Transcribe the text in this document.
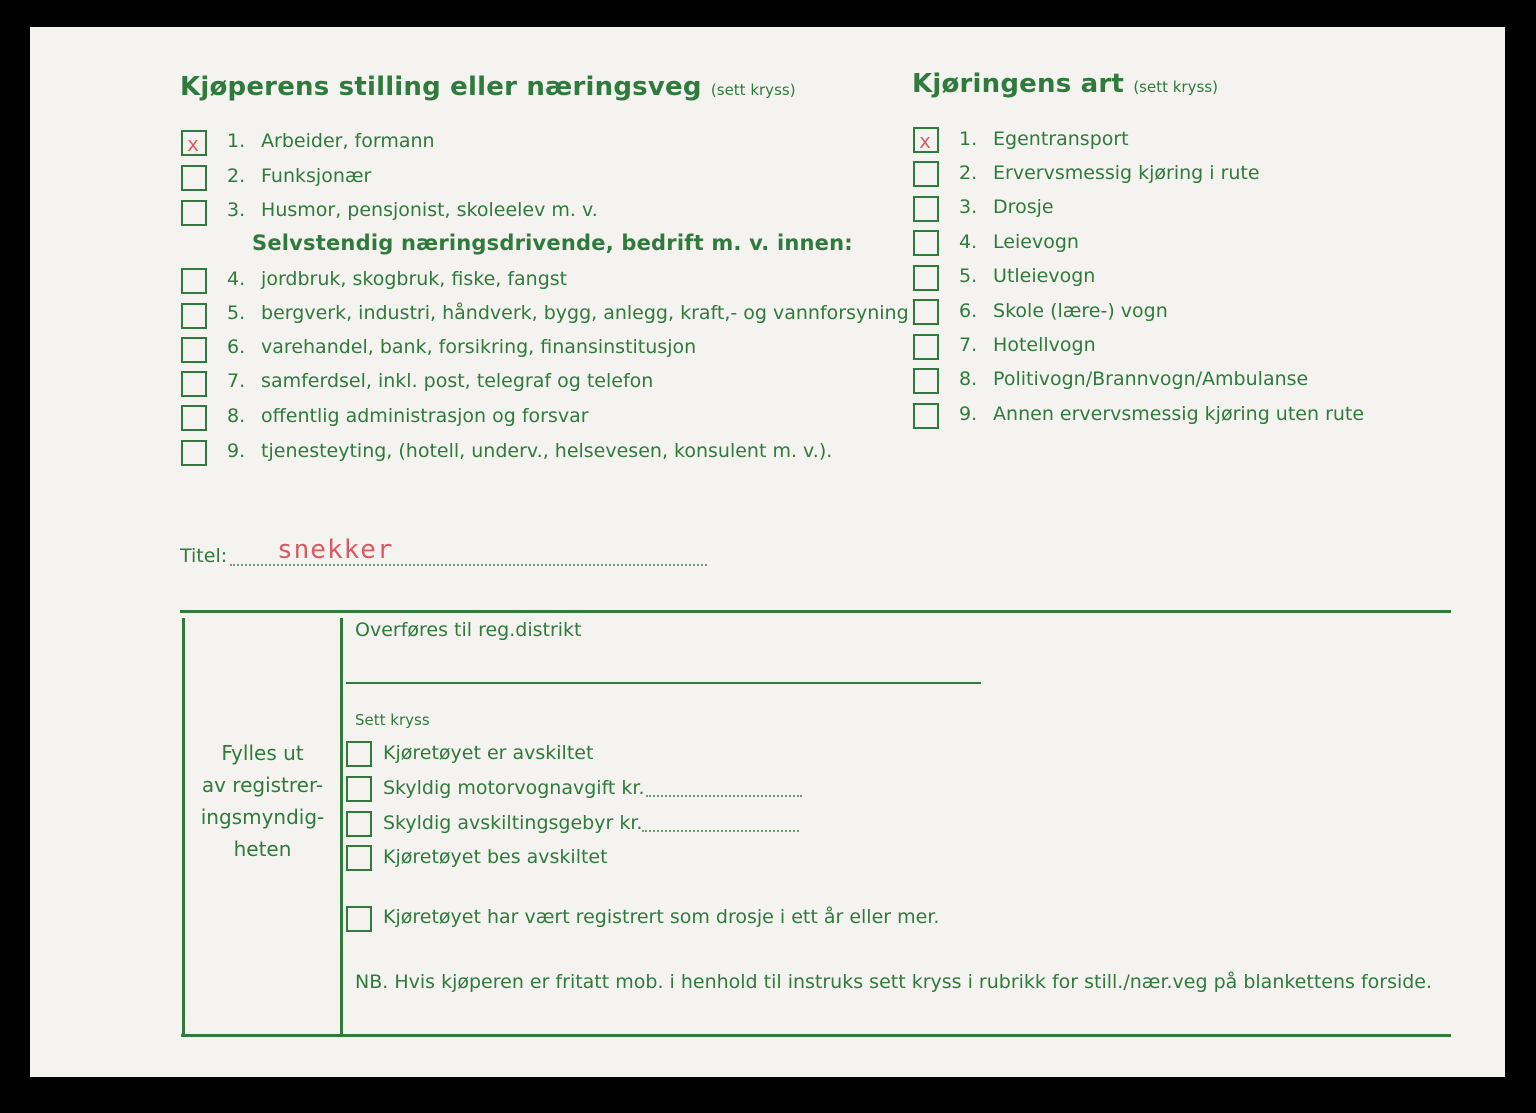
Kjøperens stilling eller næringsveg (sett kryss)
x 1. Arbeider, formann
2. Funksjonær
3. Husmor, pensjonist, skoleelev m. v.
Selvstendig næringsdrivende, bedrift m. v. innen:
4. jordbruk, skogbruk, fiske, fangst
5. bergverk, industri, håndverk, bygg, anlegg, kraft,- og vannforsyning
6. varehandel, bank, forsikring, finansinstitusjon
7. samferdsel, inkl. post, telegraf og telefon
8. offentlig administrasjon og forsvar
9. tjenesteyting, (hotell, underv., helsevesen, konsulent m. v.).
Kjøringens art (sett kryss)
x 1. Egentransport
2. Ervervsmessig kjøring i rute
3. Drosje
4. Leievogn
5. Utleievogn
6. Skole (lære-) vogn
7. Hotellvogn
8. Politivogn/Brannvogn/Ambulanse
9. Annen ervervsmessig kjøring uten rute
Titel: snekker
Fylles ut
av registrer-
ingsmyndig-
heten
Overføres til reg.distrikt
Sett kryss
Kjøretøyet er avskiltet
Skyldig motorvognavgift kr.
Skyldig avskiltingsgebyr kr.
Kjøretøyet bes avskiltet
Kjøretøyet har vært registrert som drosje i ett år eller mer.
NB. Hvis kjøperen er fritatt mob. i henhold til instruks sett kryss i rubrikk for still./nær.veg på blankettens forside.
